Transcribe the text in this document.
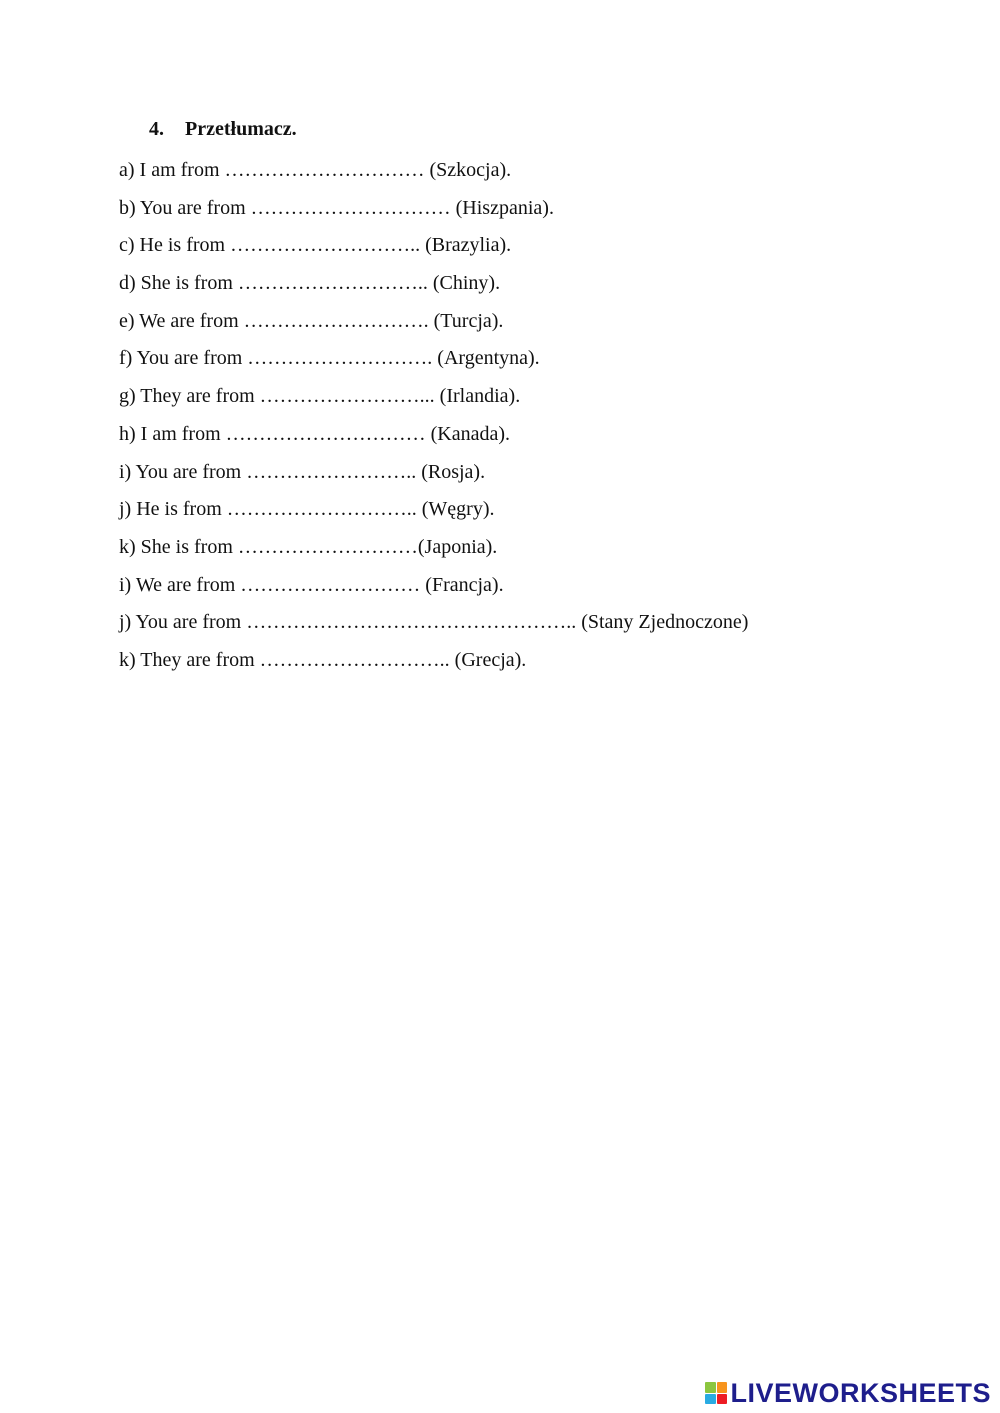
4. Przetłumacz.
a) I am from ………………………… (Szkocja).
b) You are from ………………………… (Hiszpania).
c) He is from ……………………….. (Brazylia).
d) She is from ……………………….. (Chiny).
e) We are from ………………………. (Turcja).
f) You are from ………………………. (Argentyna).
g) They are from ……………………... (Irlandia).
h) I am from ………………………… (Kanada).
i) You are from …………………….. (Rosja).
j) He is from ……………………….. (Węgry).
k) She is from ………………………(Japonia).
i) We are from ……………………… (Francja).
j) You are from ………………………………………….. (Stany Zjednoczone)
k) They are from ……………………….. (Grecja).
LIVEWORKSHEETS
